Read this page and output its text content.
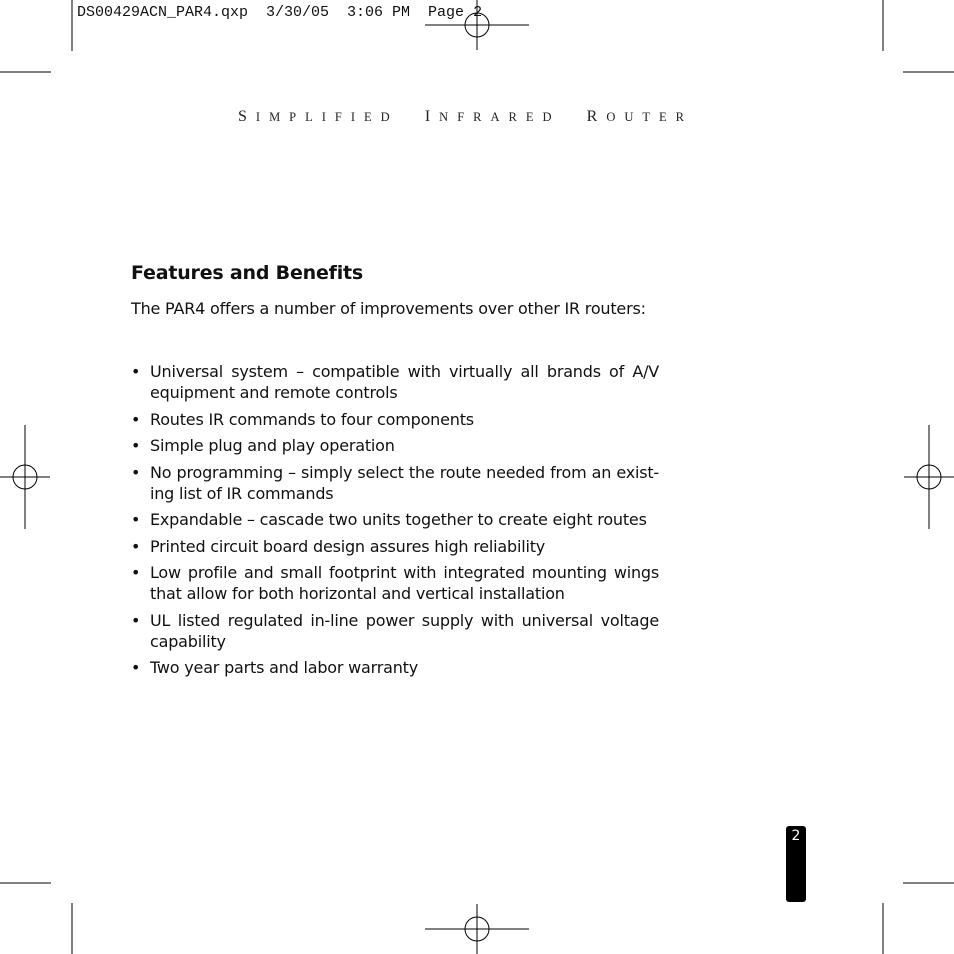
DS00429ACN_PAR4.qxp  3/30/05  3:06 PM  Page 2
SIMPLIFIED INFRARED ROUTER
Features and Benefits

The PAR4 offers a number of improvements over other IR routers:

• Universal system – compatible with virtually all brands of A/V equipment and remote controls
• Routes IR commands to four components
• Simple plug and play operation
• No programming – simply select the route needed from an exist-ing list of IR commands
• Expandable – cascade two units together to create eight routes
• Printed circuit board design assures high reliability
• Low profile and small footprint with integrated mounting wings that allow for both horizontal and vertical installation
• UL listed regulated in-line power supply with universal voltage capability
• Two year parts and labor warranty
2
